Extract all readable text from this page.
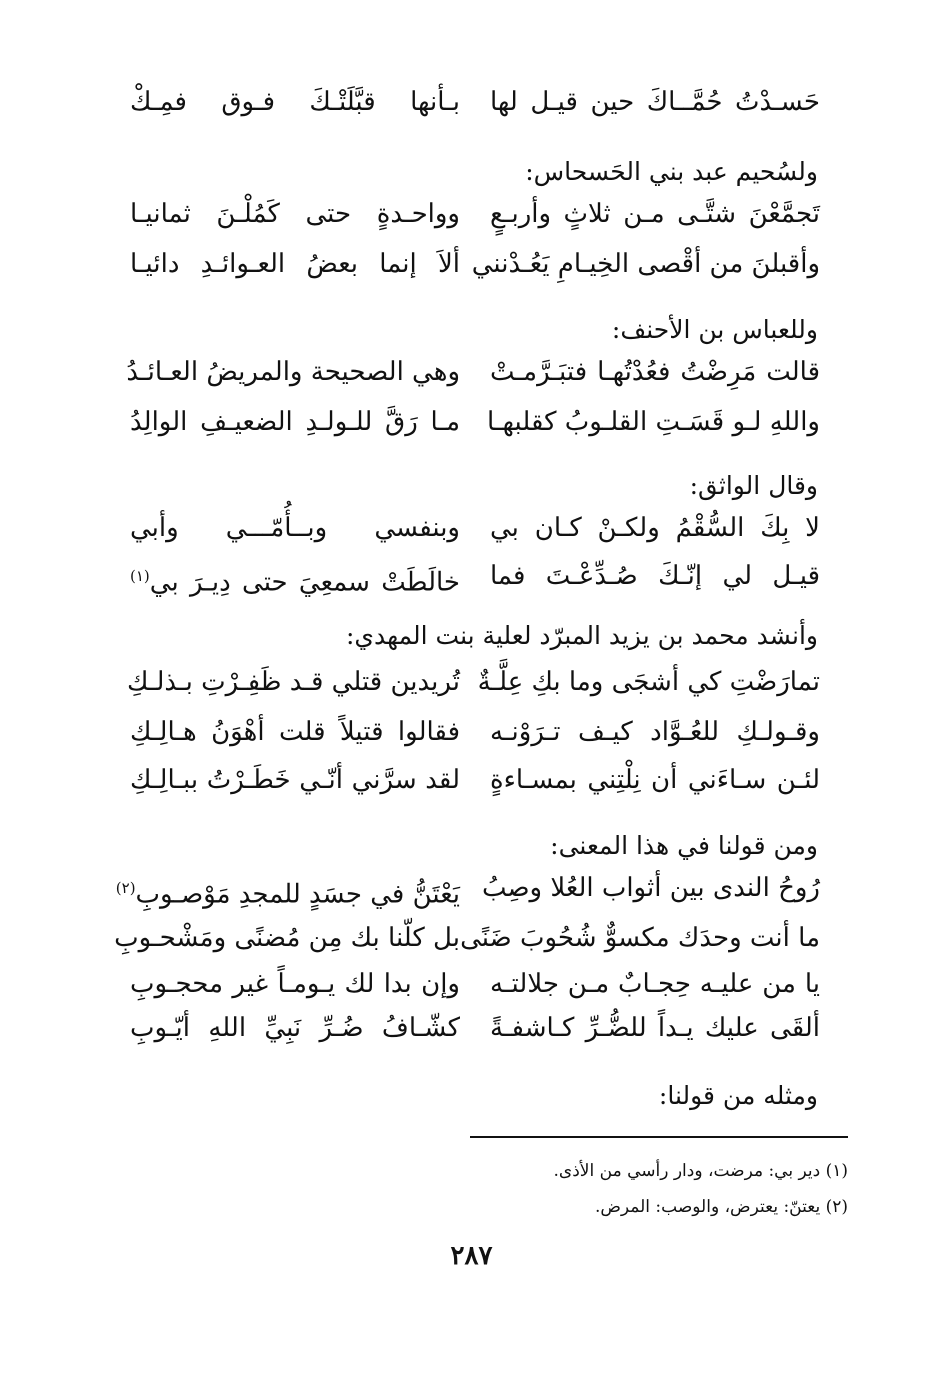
حَسـدْتُ حُمَّــاكَ حين قيـل لها
بـأنها قبَّلَتْـكَ فـوق فمِـكْ
ولسُحيم عبد بني الحَسحاس:
تَجمَّعْنَ شتَّـى مـن ثلاثٍ وأربـعٍ
وواحـدةٍ حتى كَمُلْـنَ ثمانيـا
وأقبلنَ من أقْصى الخِيـامِ يَعُـدْنني
ألاَ إنما بعضُ العـوائـدِ دائيـا
وللعباس بن الأحنف:
قالت مَرِضْتُ فعُدْتُهـا فتبَـرَّمـتْ
وهي الصحيحة والمريضُ العـائـدُ
واللهِ لـو قَسَـتِ القلـوبُ كقلبهـا
مـا رَقَّ للـولـدِ الضعيـفِ الوالِدُ
وقال الواثق:
لا بِكَ السُّقْمُ ولكـنْ كـان بي
وبنفسي وبــأُمّـــي وأبي
قيـل لي إنّـكَ صُـدِّعْـتَ فما
خالَطَتْ سمعِيَ حتى دِيـرَ بي$^{(١)}$
وأنشد محمد بن يزيد المبرّد لعلية بنت المهدي:
تمارَضْتِ كي أشجَى وما بكِ عِلَّـةٌ
تُريدين قتلي قـد ظَفِـرْتِ بـذلـكِ
وقـولـكِ للعُـوَّاد كيـف تـرَوْنـه
فقالوا قتيلاً قلت أهْوَنُ هـالِـكِ
لئـن سـاءَني أن نِلْتِني بمسـاءةٍ
لقد سرَّني أنّـي خَطَـرْتُ ببـالِـكِ
ومن قولنا في هذا المعنى:
رُوحُ الندى بين أثواب العُلا وصِبُ
يَعْتَنُّ في جسَدٍ للمجدِ مَوْصـوبِ$^{(٢)}$
ما أنت وحدَك مكسوٌّ شُحُوبَ ضَنًى
بل كلّنا بك مِن مُضنًى ومَشْحـوبِ
يا من عليـه حِجـابٌ مـن جلالتـه
وإن بدا لك يـومـاً غير محجـوبِ
ألقَى عليك يـداً للضُّـرِّ كـاشفـةً
كشّـافُ ضُـرِّ نَبِيِّ اللهِ أيّـوبِ
ومثله من قولنا:
(١) دير بي: مرضت، ودار رأسي من الأذى.
(٢) يعتنّ: يعترض، والوصب: المرض.
٢٨٧
